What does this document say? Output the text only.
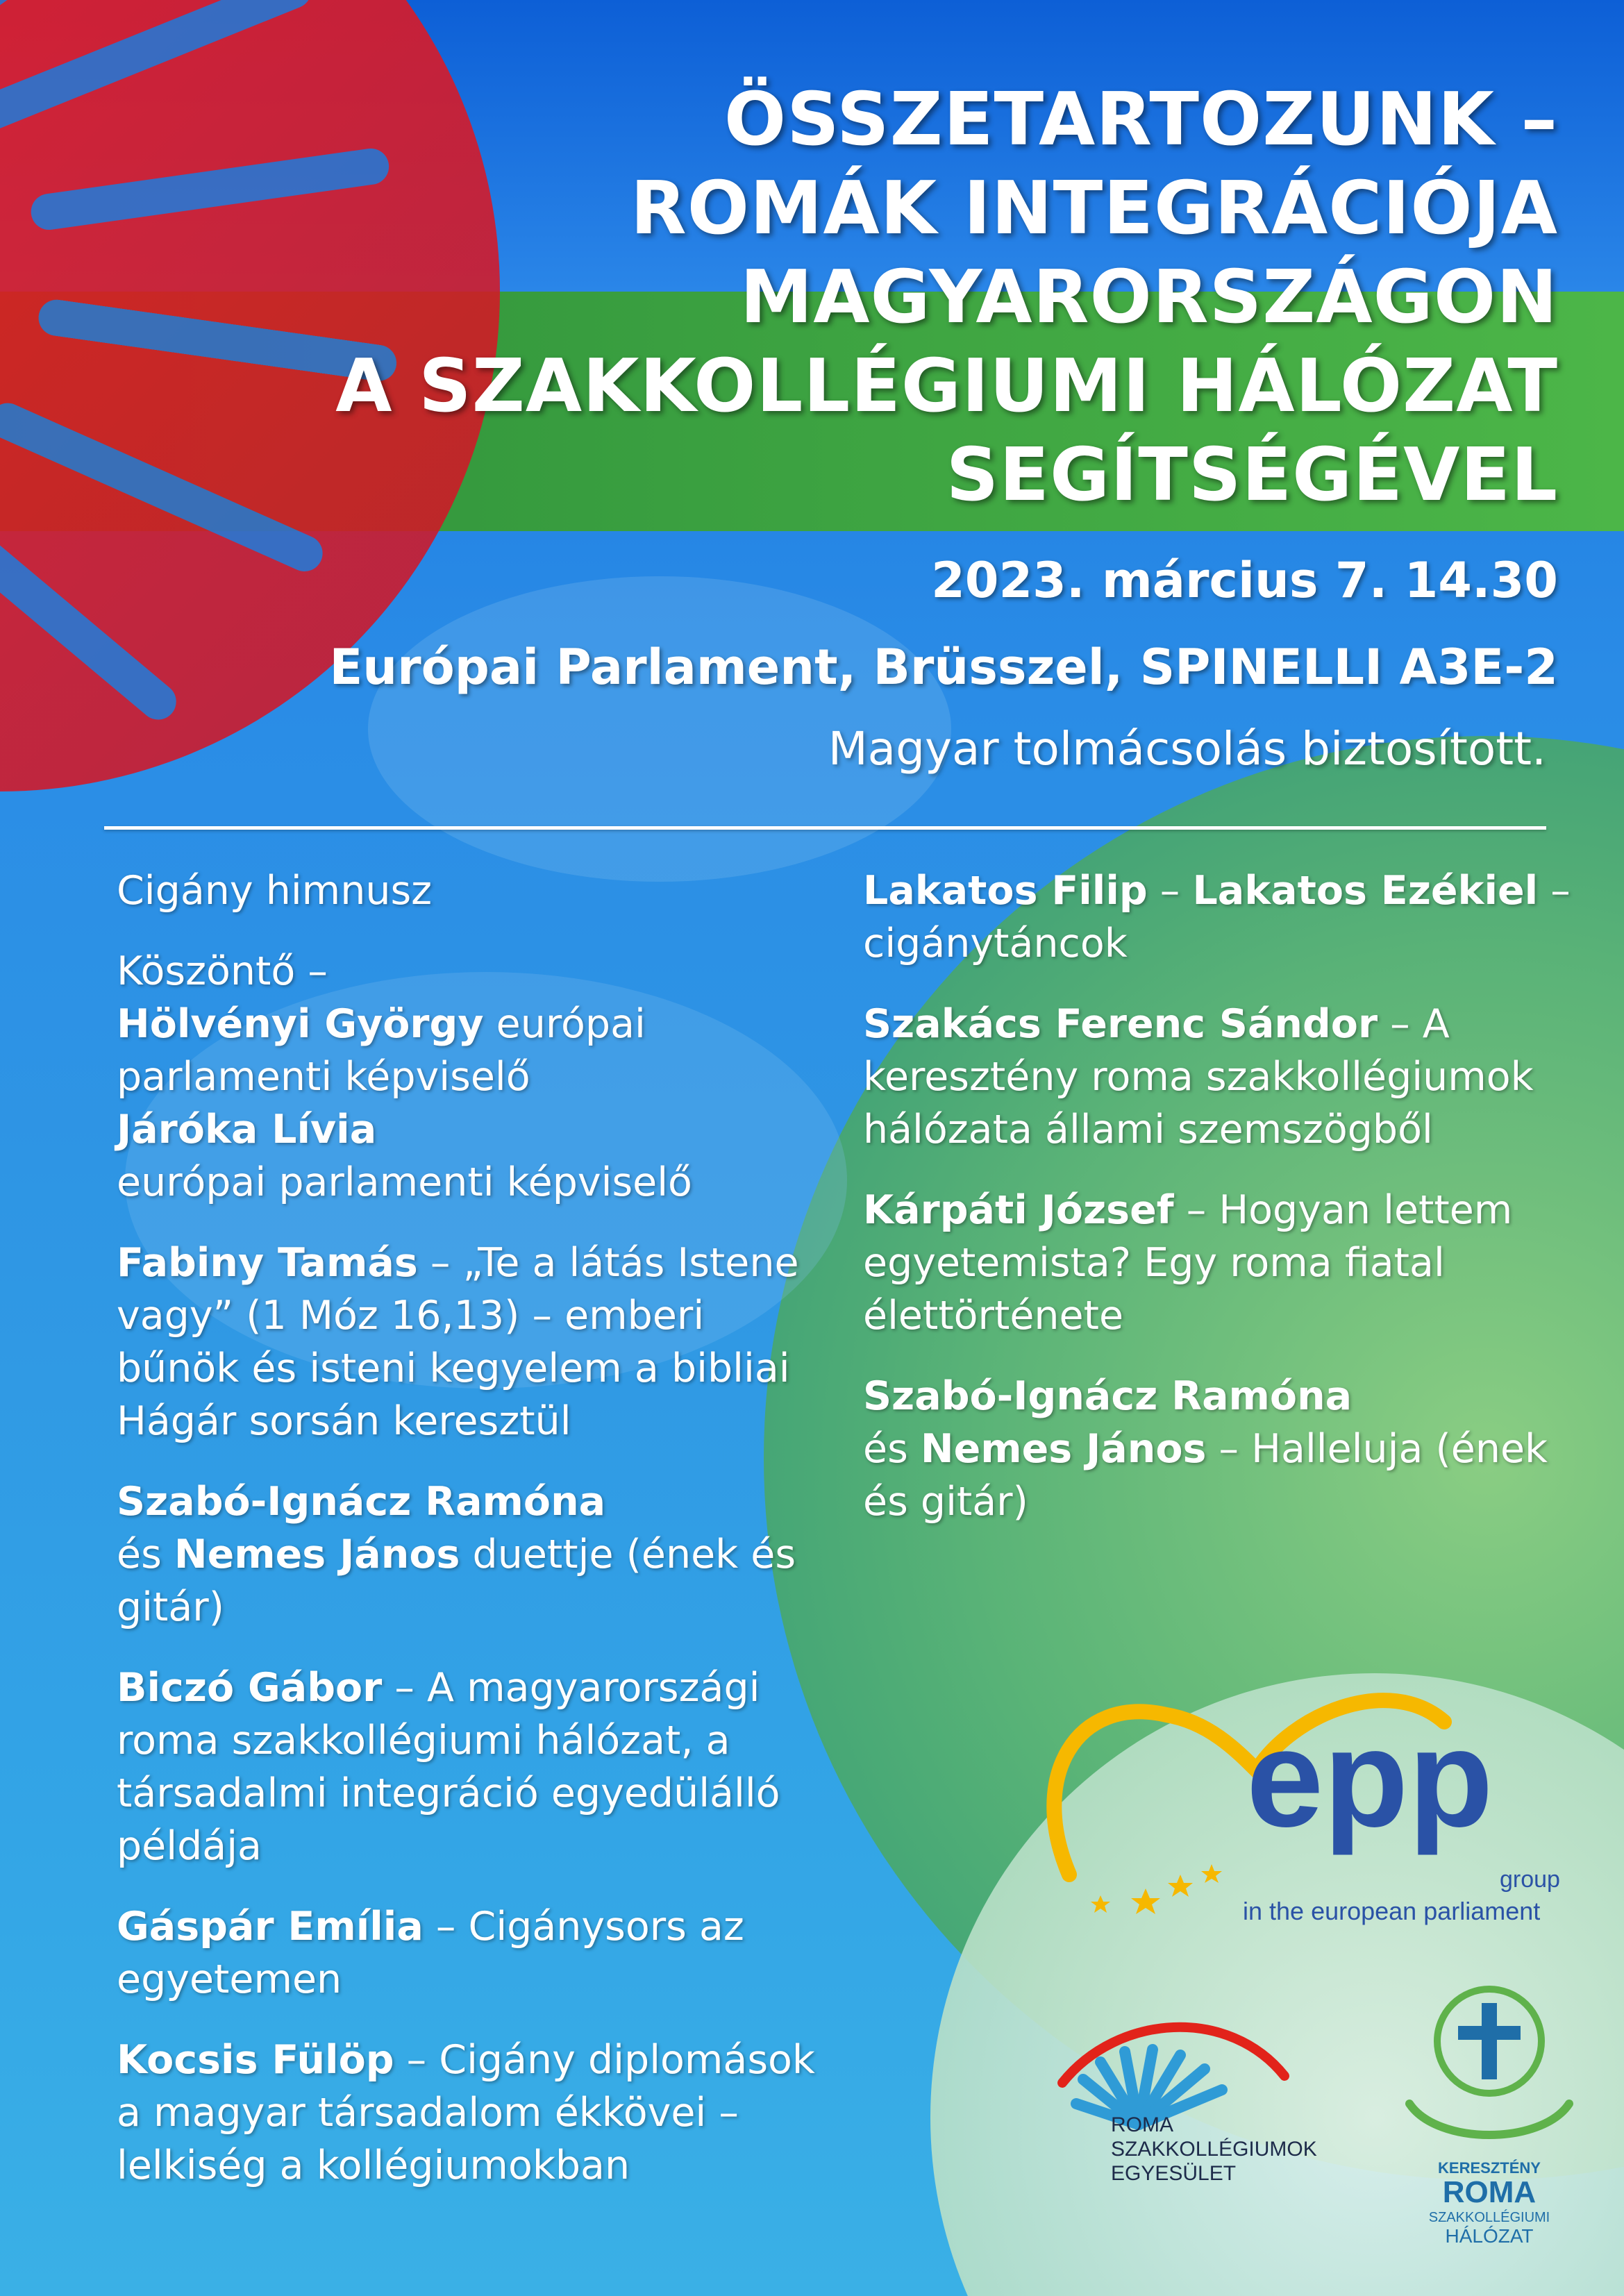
ÖSSZETARTOZUNK –
ROMÁK INTEGRÁCIÓJA
MAGYARORSZÁGON
A SZAKKOLLÉGIUMI HÁLÓZAT
SEGÍTSÉGÉVEL
2023. március 7. 14.30
Európai Parlament, Brüsszel, SPINELLI A3E-2
Magyar tolmácsolás biztosított.
Cigány himnusz
Köszöntő –
Hölvényi György európai parlamenti képviselő
Járóka Lívia
európai parlamenti képviselő
Fabiny Tamás – „Te a látás Istene vagy” (1 Móz 16,13) – emberi bűnök és isteni kegyelem a bibliai Hágár sorsán keresztül
Szabó-Ignácz Ramóna
és Nemes János duettje (ének és gitár)
Biczó Gábor – A magyarországi roma szakkollégiumi hálózat, a társadalmi integráció egyedülálló példája
Gáspár Emília – Cigánysors az egyetemen
Kocsis Fülöp – Cigány diplomások a magyar társadalom ékkövei – lelkiség a kollégiumokban
Lakatos Filip – Lakatos Ezékiel – cigánytáncok
Szakács Ferenc Sándor – A keresztény roma szakkollégiumok hálózata állami szemszögből
Kárpáti József – Hogyan lettem egyetemista? Egy roma fiatal élettörténete
Szabó-Ignácz Ramóna
és Nemes János – Halleluja (ének és gitár)
epp
group
in the european parliament
ROMA
SZAKKOLLÉGIUMOK
EGYESÜLET	KERESZTÉNY
ROMA
SZAKKOLLÉGIUMI
HÁLÓZAT
